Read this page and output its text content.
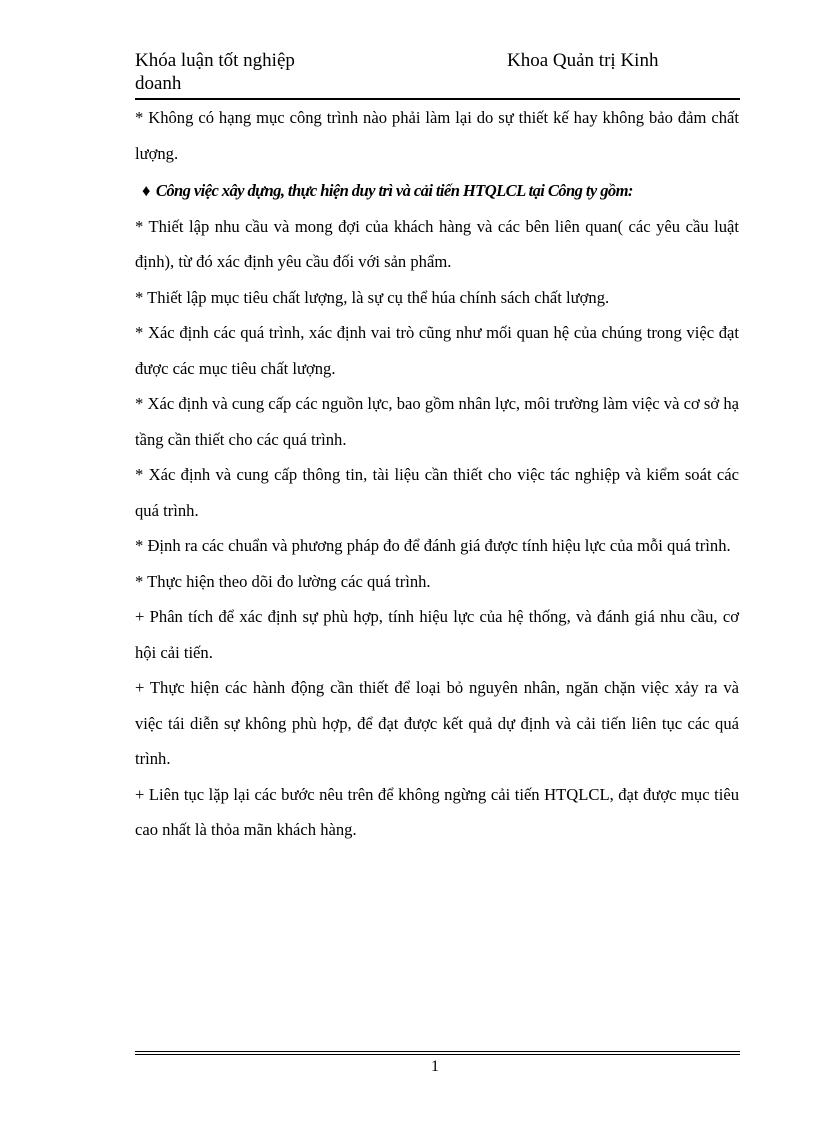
Khóa luận tốt nghiệp
doanh
Khoa Quản trị Kinh

* Không có hạng mục công trình nào phải làm lại do sự thiết kế hay không bảo đảm chất lượng.

♦ Công việc xây dựng, thực hiện duy trì và cải tiến HTQLCL tại Công ty gồm:

* Thiết lập nhu cầu và mong đợi của khách hàng và các bên liên quan( các yêu cầu luật định), từ đó xác định yêu cầu đối với sản phẩm.

* Thiết lập mục tiêu chất lượng, là sự cụ thể húa chính sách chất lượng.

* Xác định các quá trình, xác định vai trò cũng như mối quan hệ của chúng trong việc đạt được các mục tiêu chất lượng.

* Xác định và cung cấp các nguồn lực, bao gồm nhân lực, môi trường làm việc và cơ sở hạ tầng cần thiết cho các quá trình.

* Xác định và cung cấp thông tin, tài liệu cần thiết cho việc tác nghiệp và kiểm soát các quá trình.

* Định ra các chuẩn và phương pháp đo để đánh giá được tính hiệu lực của mỗi quá trình.

* Thực hiện theo dõi đo lường các quá trình.

+ Phân tích để xác định sự phù hợp, tính hiệu lực của hệ thống, và đánh giá nhu cầu, cơ hội cải tiến.

+ Thực hiện các hành động cần thiết để loại bỏ nguyên nhân, ngăn chặn việc xảy ra và việc tái diễn sự không phù hợp, để đạt được kết quả dự định và cải tiến liên tục các quá trình.

+ Liên tục lặp lại các bước nêu trên để không ngừng cải tiến HTQLCL, đạt được mục tiêu cao nhất là thỏa mãn khách hàng.

1
